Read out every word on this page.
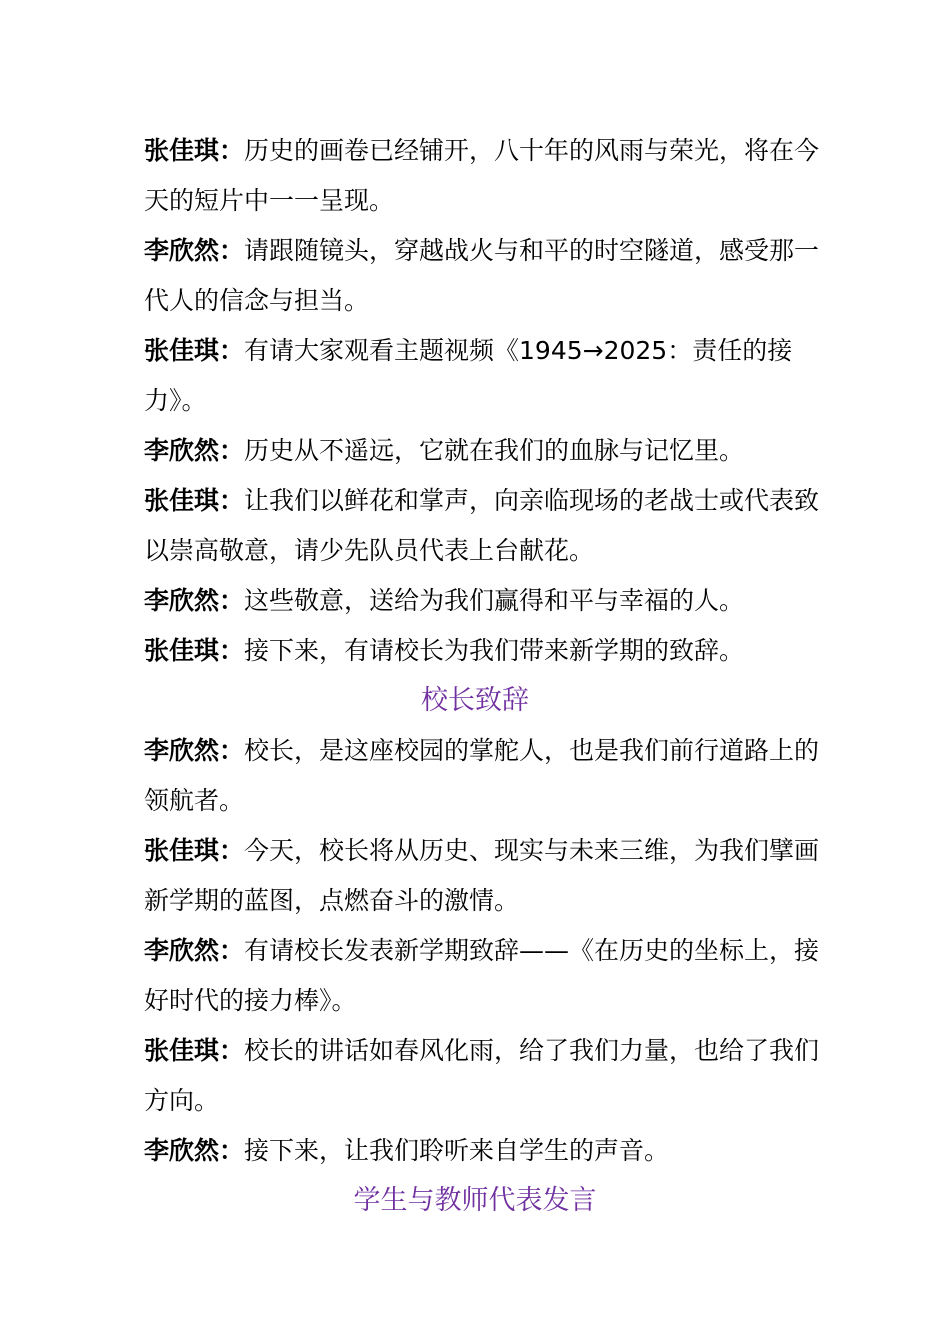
张佳琪：历史的画卷已经铺开，八十年的风雨与荣光，将在今天的短片中一一呈现。

李欣然：请跟随镜头，穿越战火与和平的时空隧道，感受那一代人的信念与担当。

张佳琪：有请大家观看主题视频《1945→2025：责任的接力》。

李欣然：历史从不遥远，它就在我们的血脉与记忆里。

张佳琪：让我们以鲜花和掌声，向亲临现场的老战士或代表致以崇高敬意，请少先队员代表上台献花。

李欣然：这些敬意，送给为我们赢得和平与幸福的人。

张佳琪：接下来，有请校长为我们带来新学期的致辞。

校长致辞

李欣然：校长，是这座校园的掌舵人，也是我们前行道路上的领航者。

张佳琪：今天，校长将从历史、现实与未来三维，为我们擘画新学期的蓝图，点燃奋斗的激情。

李欣然：有请校长发表新学期致辞——《在历史的坐标上，接好时代的接力棒》。

张佳琪：校长的讲话如春风化雨，给了我们力量，也给了我们方向。

李欣然：接下来，让我们聆听来自学生的声音。

学生与教师代表发言
